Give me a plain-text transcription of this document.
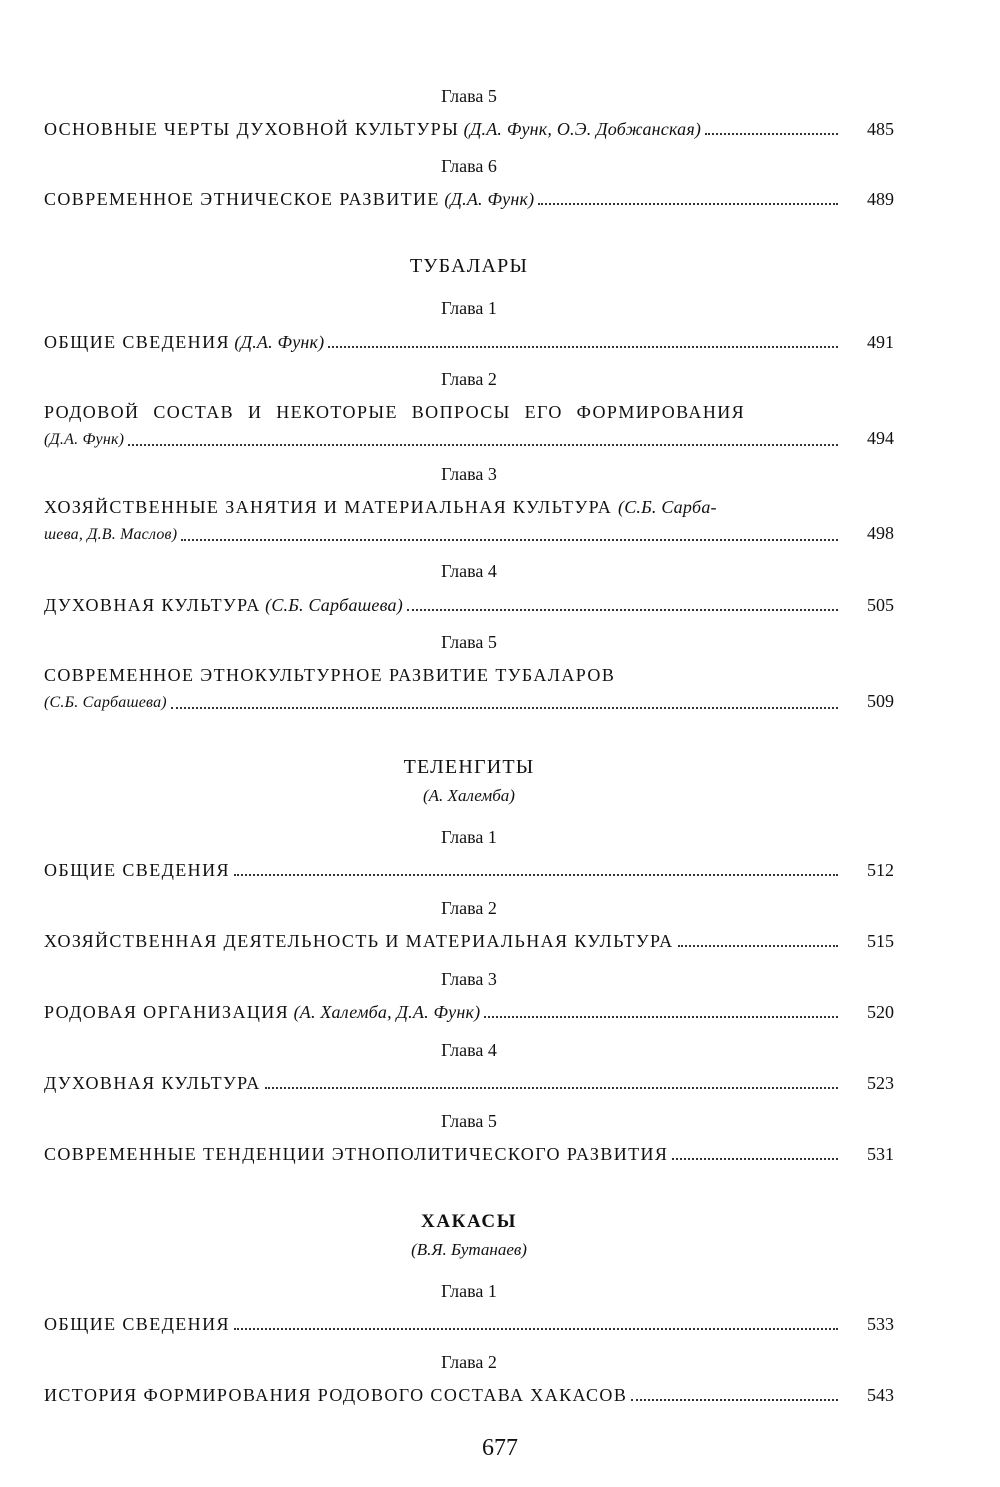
Глава 5
ОСНОВНЫЕ ЧЕРТЫ ДУХОВНОЙ КУЛЬТУРЫ (Д.А. Функ, О.Э. Добжанская)	485
Глава 6
СОВРЕМЕННОЕ ЭТНИЧЕСКОЕ РАЗВИТИЕ (Д.А. Функ)	489
ТУБАЛАРЫ
Глава 1
ОБЩИЕ СВЕДЕНИЯ (Д.А. Функ)	491
Глава 2
РОДОВОЙ СОСТАВ И НЕКОТОРЫЕ ВОПРОСЫ ЕГО ФОРМИРОВАНИЯ
(Д.А. Функ)	494
Глава 3
ХОЗЯЙСТВЕННЫЕ ЗАНЯТИЯ И МАТЕРИАЛЬНАЯ КУЛЬТУРА (С.Б. Сарба-
шева, Д.В. Маслов)	498
Глава 4
ДУХОВНАЯ КУЛЬТУРА (С.Б. Сарбашева)	505
Глава 5
СОВРЕМЕННОЕ ЭТНОКУЛЬТУРНОЕ РАЗВИТИЕ ТУБАЛАРОВ
(С.Б. Сарбашева)	509
ТЕЛЕНГИТЫ
(А. Халемба)
Глава 1
ОБЩИЕ СВЕДЕНИЯ	512
Глава 2
ХОЗЯЙСТВЕННАЯ ДЕЯТЕЛЬНОСТЬ И МАТЕРИАЛЬНАЯ КУЛЬТУРА	515
Глава 3
РОДОВАЯ ОРГАНИЗАЦИЯ (А. Халемба, Д.А. Функ)	520
Глава 4
ДУХОВНАЯ КУЛЬТУРА	523
Глава 5
СОВРЕМЕННЫЕ ТЕНДЕНЦИИ ЭТНОПОЛИТИЧЕСКОГО РАЗВИТИЯ	531
ХАКАСЫ
(В.Я. Бутанаев)
Глава 1
ОБЩИЕ СВЕДЕНИЯ	533
Глава 2
ИСТОРИЯ ФОРМИРОВАНИЯ РОДОВОГО СОСТАВА ХАКАСОВ	543
677
